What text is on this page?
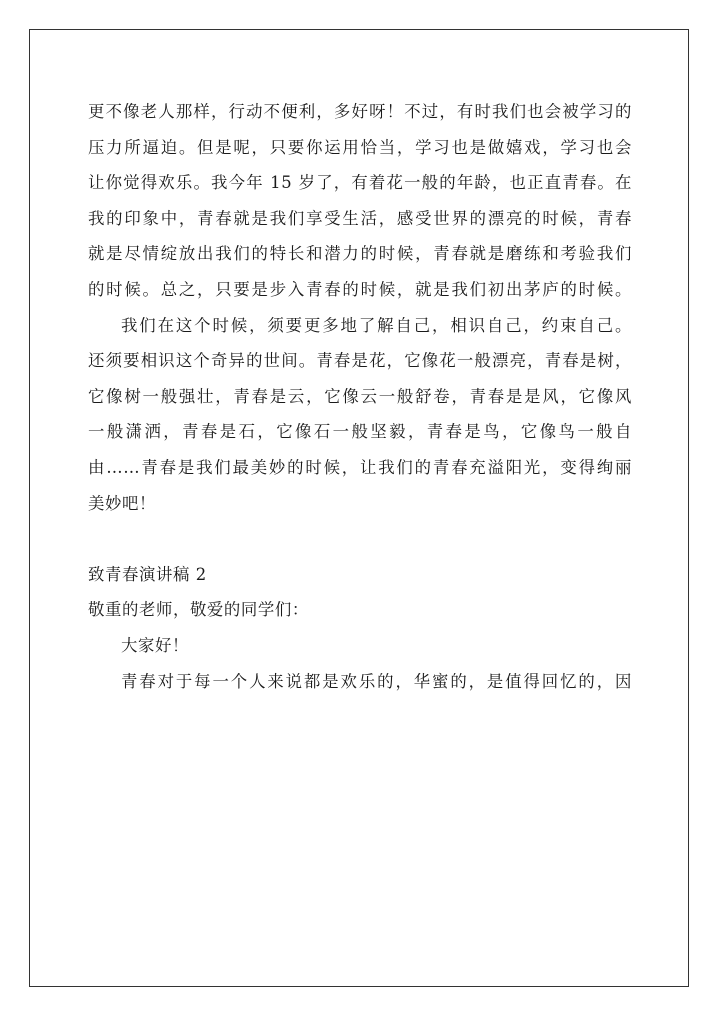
更不像老人那样，行动不便利，多好呀！不过，有时我们也会被学习的
压力所逼迫。但是呢，只要你运用恰当，学习也是做嬉戏，学习也会
让你觉得欢乐。我今年 15 岁了，有着花一般的年龄，也正直青春。在
我的印象中，青春就是我们享受生活，感受世界的漂亮的时候，青春
就是尽情绽放出我们的特长和潜力的时候，青春就是磨练和考验我们
的时候。总之，只要是步入青春的时候，就是我们初出茅庐的时候。
我们在这个时候，须要更多地了解自己，相识自己，约束自己。
还须要相识这个奇异的世间。青春是花，它像花一般漂亮，青春是树，
它像树一般强壮，青春是云，它像云一般舒卷，青春是是风，它像风
一般潇洒，青春是石，它像石一般坚毅，青春是鸟，它像鸟一般自
由……青春是我们最美妙的时候，让我们的青春充溢阳光，变得绚丽
美妙吧！
致青春演讲稿 2
敬重的老师，敬爱的同学们：
大家好！
青春对于每一个人来说都是欢乐的，华蜜的，是值得回忆的，因
